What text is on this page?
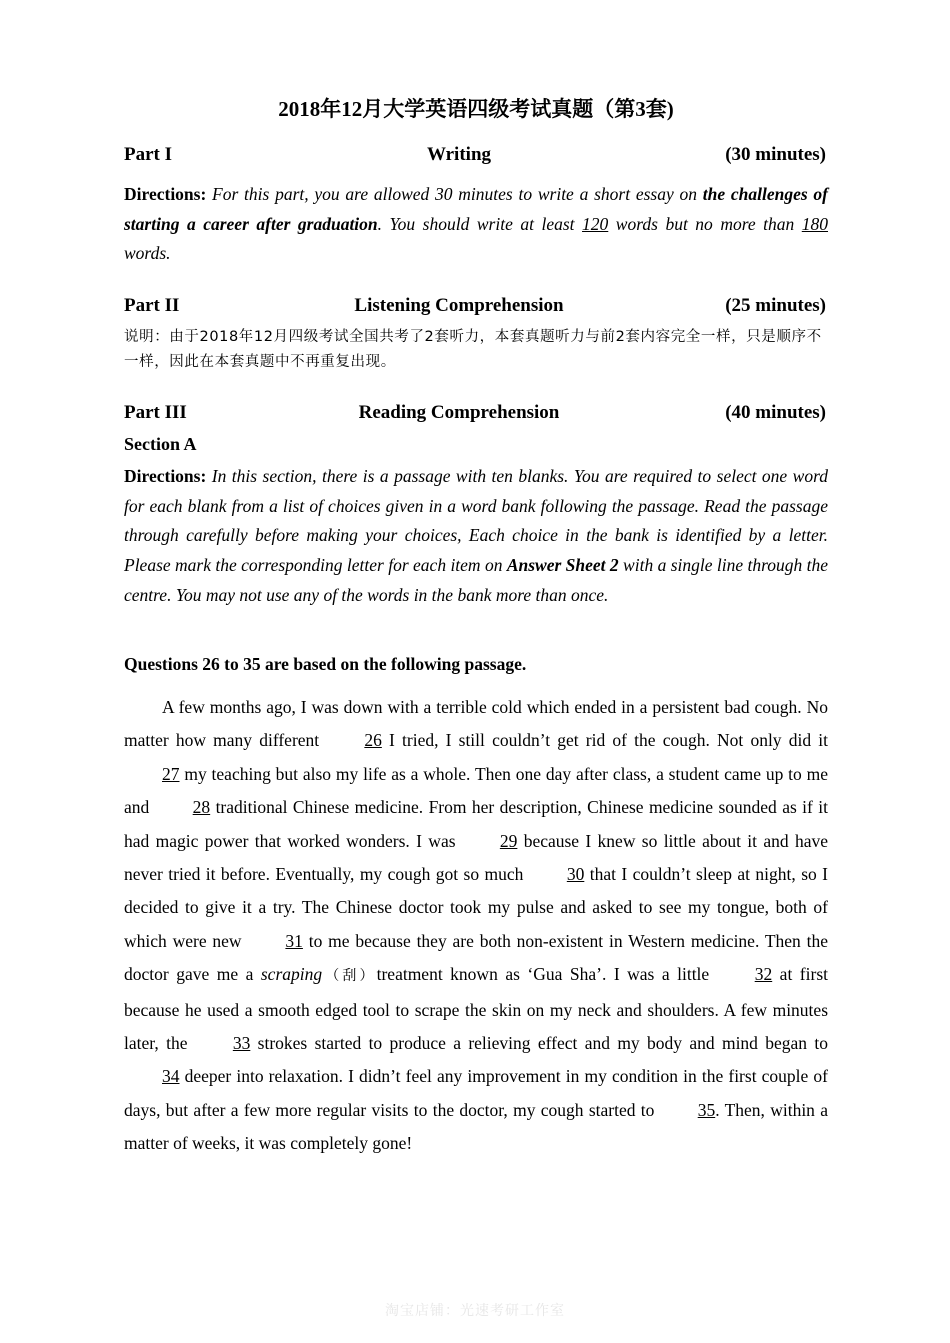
2018年12月大学英语四级考试真题（第3套)
Part I	Writing	(30 minutes)
Directions: For this part, you are allowed 30 minutes to write a short essay on the challenges of starting a career after graduation. You should write at least 120 words but no more than 180 words.
Part II	Listening Comprehension	(25 minutes)
说明：由于2018年12月四级考试全国共考了2套听力，本套真题听力与前2套内容完全一样，只是顺序不一样，因此在本套真题中不再重复出现。
Part III	Reading Comprehension	(40 minutes)
Section A
Directions: In this section, there is a passage with ten blanks. You are required to select one word for each blank from a list of choices given in a word bank following the passage. Read the passage through carefully before making your choices, Each choice in the bank is identified by a letter. Please mark the corresponding letter for each item on Answer Sheet 2 with a single line through the centre. You may not use any of the words in the bank more than once.
Questions 26 to 35 are based on the following passage.

A few months ago, I was down with a terrible cold which ended in a persistent bad cough. No matter how many different 26 I tried, I still couldn’t get rid of the cough. Not only did it 27 my teaching but also my life as a whole. Then one day after class, a student came up to me and 28 traditional Chinese medicine. From her description, Chinese medicine sounded as if it had magic power that worked wonders. I was 29 because I knew so little about it and have never tried it before. Eventually, my cough got so much 30 that I couldn’t sleep at night, so I decided to give it a try. The Chinese doctor took my pulse and asked to see my tongue, both of which were new 31 to me because they are both non-existent in Western medicine. Then the doctor gave me a scraping（刮）treatment known as ‘Gua Sha’. I was a little 32 at first because he used a smooth edged tool to scrape the skin on my neck and shoulders. A few minutes later, the 33 strokes started to produce a relieving effect and my body and mind began to 34 deeper into relaxation. I didn’t feel any improvement in my condition in the first couple of days, but after a few more regular visits to the doctor, my cough started to 35. Then, within a matter of weeks, it was completely gone!

淘宝店铺：光速考研工作室
